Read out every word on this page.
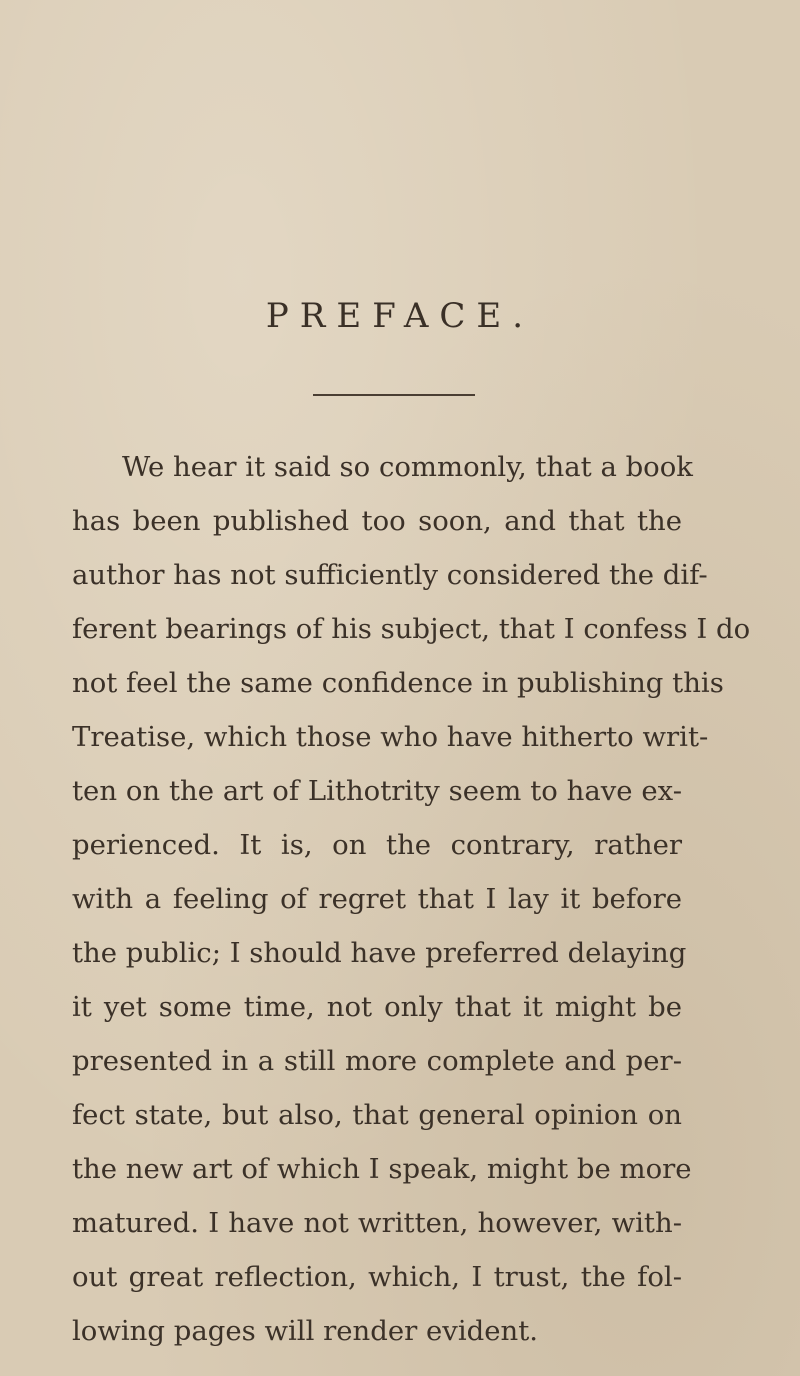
PREFACE.
We hear it said so commonly, that a book
has been published too soon, and that the
author has not sufficiently considered the dif-
ferent bearings of his subject, that I confess I do
not feel the same confidence in publishing this
Treatise, which those who have hitherto writ-
ten on the art of Lithotrity seem to have ex-
perienced. It is, on the contrary, rather
with a feeling of regret that I lay it before
the public; I should have preferred delaying
it yet some time, not only that it might be
presented in a still more complete and per-
fect state, but also, that general opinion on
the new art of which I speak, might be more
matured. I have not written, however, with-
out great reflection, which, I trust, the fol-
lowing pages will render evident.
